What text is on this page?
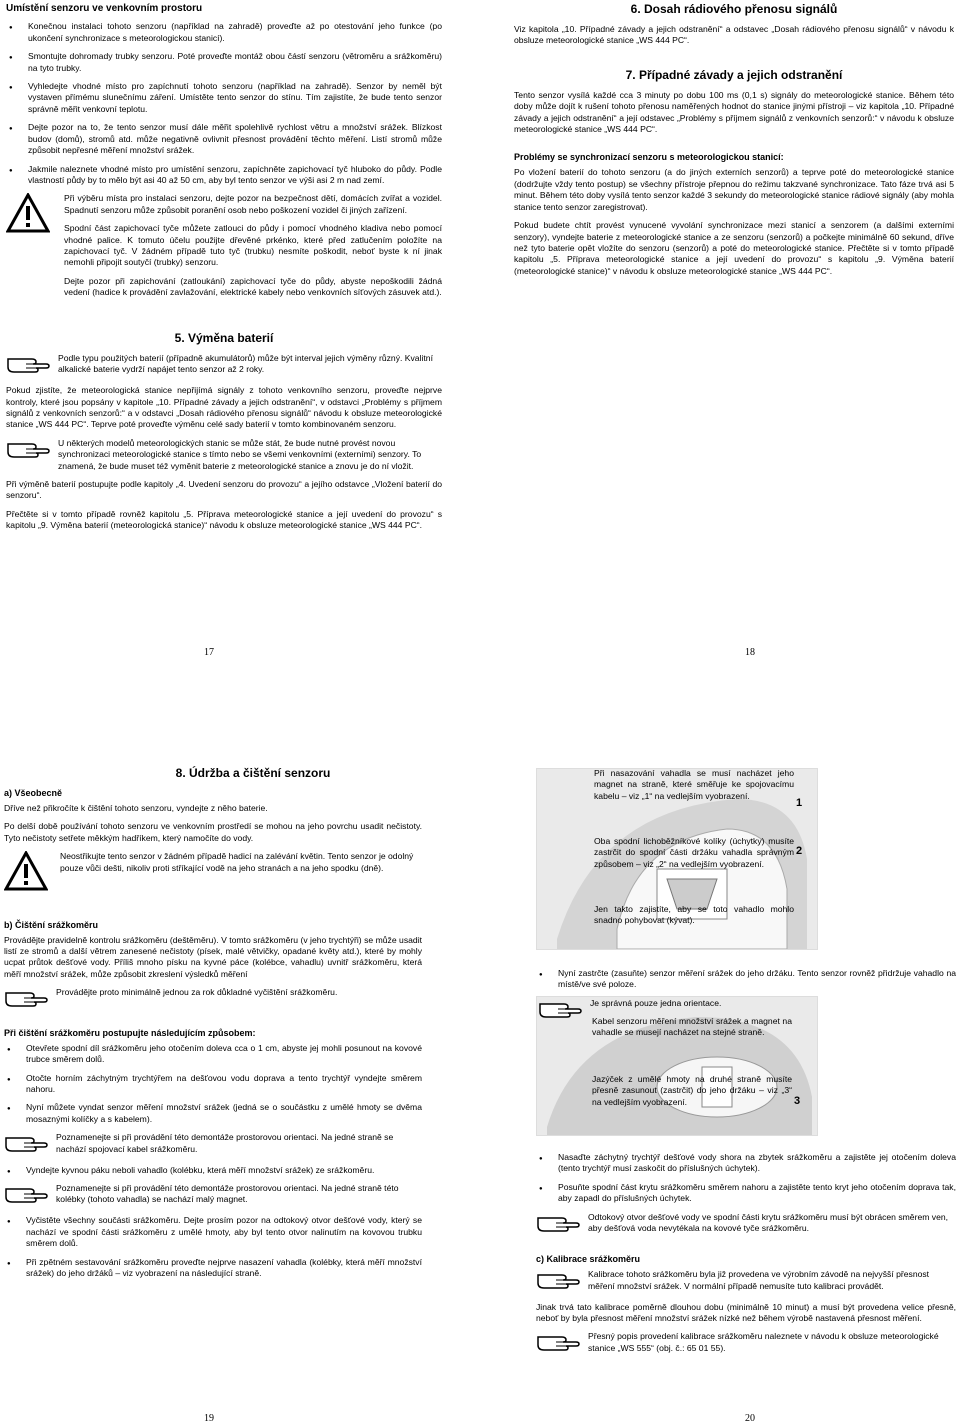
Umístění senzoru ve venkovním prostoru
● Konečnou instalaci tohoto senzoru (například na zahradě) proveďte až po otestování jeho funkce (po ukončení synchronizace s meteorologickou stanicí).
● Smontujte dohromady trubky senzoru. Poté proveďte montáž obou částí senzoru (větroměru a srážkoměru) na tyto trubky.
● Vyhledejte vhodné místo pro zapíchnutí tohoto senzoru (například na zahradě). Senzor by neměl být vystaven přímému slunečnímu záření. Umístěte tento senzor do stínu. Tím zajistíte, že bude tento senzor správně měřit venkovní teplotu.
● Dejte pozor na to, že tento senzor musí dále měřit spolehlivě rychlost větru a množství srážek. Blízkost budov (domů), stromů atd. může negativně ovlivnit přesnost provádění těchto měření. Listí stromů může způsobit nepřesné měření množství srážek.
● Jakmile naleznete vhodné místo pro umístění senzoru, zapíchněte zapichovací tyč hluboko do půdy. Podle vlastností půdy by to mělo být asi 40 až 50 cm, aby byl tento senzor ve výši asi 2 m nad zemí.

Při výběru místa pro instalaci senzoru, dejte pozor na bezpečnost dětí, domácích zvířat a vozidel. Spadnutí senzoru může způsobit poranění osob nebo poškození vozidel či jiných zařízení.

Spodní část zapichovací tyče můžete zatlouci do půdy i pomocí vhodného kladiva nebo pomocí vhodné palice. K tomuto účelu použijte dřevěné prkénko, které před zatlučením položíte na zapichovací tyč. V žádném případě tuto tyč (trubku) nesmíte poškodit, neboť byste k ní jinak nemohli připojit soutyčí (trubky) senzoru.

Dejte pozor při zapichování (zatloukání) zapichovací tyče do půdy, abyste nepoškodili žádná vedení (hadice k provádění zavlažování, elektrické kabely nebo venkovních síťových zásuvek atd.).

5. Výměna baterií
Podle typu použitých baterií (případně akumulátorů) může být interval jejich výměny různý. Kvalitní alkalické baterie vydrží napájet tento senzor až 2 roky.

Pokud zjistíte, že meteorologická stanice nepřijímá signály z tohoto venkovního senzoru, proveďte nejprve kontroly, které jsou popsány v kapitole „10. Případné závady a jejich odstranění“, v odstavci „Problémy s příjmem signálů z venkovních senzorů:“ a v odstavci „Dosah rádiového přenosu signálů“ návodu k obsluze meteorologické stanice „WS 444 PC“. Teprve poté proveďte výměnu celé sady baterií v tomto kombinovaném senzoru.

U některých modelů meteorologických stanic se může stát, že bude nutné provést novou synchronizaci meteorologické stanice s tímto nebo se všemi venkovními (externími) senzory. To znamená, že bude muset též vyměnit baterie z meteorologické stanice a znovu je do ní vložit.

Při výměně baterií postupujte podle kapitoly „4. Uvedení senzoru do provozu“ a jejího odstavce „Vložení baterií do senzoru“.

Přečtěte si v tomto případě rovněž kapitolu „5. Příprava meteorologické stanice a její uvedení do provozu“ s kapitolu „9. Výměna baterií (meteorologická stanice)“ návodu k obsluze meteorologické stanice „WS 444 PC“.

17
6. Dosah rádiového přenosu signálů

Viz kapitola „10. Případné závady a jejich odstranění“ a odstavec „Dosah rádiového přenosu signálů“ v návodu k obsluze meteorologické stanice „WS 444 PC“.

7. Případné závady a jejich odstranění

Tento senzor vysílá každé cca 3 minuty po dobu 100 ms (0,1 s) signály do meteorologické stanice. Během této doby může dojít k rušení tohoto přenosu naměřených hodnot do stanice jinými přístroji – viz kapitola „10. Případné závady a jejich odstranění“ a její odstavec „Problémy s příjmem signálů z venkovních senzorů:“ v návodu k obsluze meteorologické stanice „WS 444 PC“.

Problémy se synchronizací senzoru s meteorologickou stanicí:

Po vložení baterií do tohoto senzoru (a do jiných externích senzorů) a teprve poté do meteorologické stanice (dodržujte vždy tento postup) se všechny přístroje přepnou do režimu takzvané synchronizace. Tato fáze trvá asi 5 minut. Během této doby vysílá tento senzor každé 3 sekundy do meteorologické stanice rádiové signály (aby mohla stanice tento senzor zaregistrovat).

Pokud budete chtít provést vynucené vyvolání synchronizace mezi stanicí a senzorem (a dalšími externími senzory), vyndejte baterie z meteorologické stanice a ze senzoru (senzorů) a počkejte minimálně 60 sekund, dříve než tyto baterie opět vložíte do senzoru (senzorů) a poté do meteorologické stanice. Přečtěte si v tomto případě kapitolu „5. Příprava meteorologické stanice a její uvedení do provozu“ s kapitolu „9. Výměna baterií (meteorologické stanice)“ v návodu k obsluze meteorologické stanice „WS 444 PC“.

18
8. Údržba a čištění senzoru
a) Všeobecně

Dříve než přikročíte k čištění tohoto senzoru, vyndejte z něho baterie.

Po delší době používání tohoto senzoru ve venkovním prostředí se mohou na jeho povrchu usadit nečistoty. Tyto nečistoty setřete měkkým hadříkem, který namočíte do vody.

Neostřikujte tento senzor v žádném případě hadicí na zalévání květin. Tento senzor je odolný pouze vůči dešti, nikoliv proti stříkající vodě na jeho stranách a na jeho spodku (dně).
b) Čištění srážkoměru

Provádějte pravidelně kontrolu srážkoměru (deštěměru). V tomto srážkoměru (v jeho trychtýři) se může usadit listí ze stromů a další větrem zanesené nečistoty (písek, malé větvičky, opadané květy atd.), které by mohly ucpat průtok dešťové vody. Příliš mnoho písku na kyvné páce (kolébce, vahadlu) uvnitř srážkoměru, která měří množství srážek, může způsobit zkreslení výsledků měření

Provádějte proto minimálně jednou za rok důkladné vyčištění srážkoměru.
Při čištění srážkoměru postupujte následujícím způsobem:
● Otevřete spodní díl srážkoměru jeho otočením doleva cca o 1 cm, abyste jej mohli posunout na kovové trubce směrem dolů.
● Otočte horním záchytným trychtýřem na dešťovou vodu doprava a tento trychtýř vyndejte směrem nahoru.
● Nyní můžete vyndat senzor měření množství srážek (jedná se o součástku z umělé hmoty se dvěma mosaznými kolíčky a s kabelem).
Poznamenejte si při provádění této demontáže prostorovou orientaci. Na jedné straně se nachází spojovací kabel srážkoměru.
● Vyndejte kyvnou páku neboli vahadlo (kolébku, která měří množství srážek) ze srážkoměru.
Poznamenejte si při provádění této demontáže prostorovou orientaci. Na jedné straně této kolébky (tohoto vahadla) se nachází malý magnet.
● Vyčistěte všechny součásti srážkoměru. Dejte prosím pozor na odtokový otvor dešťové vody, který se nachází ve spodní části srážkoměru z umělé hmoty, aby byl tento otvor nalinutím na kovovou trubku směrem dolů.
● Při zpětném sestavování srážkoměru proveďte nejprve nasazení vahadla (kolébky, která měří množství srážek) do jeho držáků – viz vyobrazení na následující straně.
19
1
2
Při nasazování vahadla se musí nacházet jeho magnet na straně, které směřuje ke spojovacímu kabelu – viz „1“ na vedlejším vyobrazení.
Oba spodní lichoběžníkové kolíky (úchytky) musíte zastrčit do spodní části držáku vahadla správným způsobem – viz „2“ na vedlejším vyobrazení.
Jen takto zajistíte, aby se toto vahadlo mohlo snadno pohybovat (kývat).
● Nyní zastrčte (zasuňte) senzor měření srážek do jeho držáku. Tento senzor rovněž přidržuje vahadlo na místě/ve své poloze.
Je správná pouze jedna orientace.
Kabel senzoru měření množství srážek a magnet na vahadle se musejí nacházet na stejné straně.
Jazýček z umělé hmoty na druhé straně musíte přesně zasunout (zastrčit) do jeho držáku – viz „3“ na vedlejším vyobrazení.	3
● Nasaďte záchytný trychtýř dešťové vody shora na zbytek srážkoměru a zajistěte jej otočením doleva (tento trychtýř musí zaskočit do příslušných úchytek).
● Posuňte spodní část krytu srážkoměru směrem nahoru a zajistěte tento kryt jeho otočením doprava tak, aby zapadl do příslušných úchytek.
Odtokový otvor dešťové vody ve spodní části krytu srážkoměru musí být obrácen směrem ven, aby dešťová voda nevytékala na kovové tyče srážkoměru.
c) Kalibrace srážkoměru
Kalibrace tohoto srážkoměru byla již provedena ve výrobním závodě na nejvyšší přesnost měření množství srážek. V normální případě nemusíte tuto kalibraci provádět.

Jinak trvá tato kalibrace poměrně dlouhou dobu (minimálně 10 minut) a musí být provedena velice přesně, neboť by byla přesnost měření množství srážek nízké než během výrobě nastavená přesnost měření.

Přesný popis provedení kalibrace srážkoměru naleznete v návodu k obsluze meteorologické stanice „WS 555“ (obj. č.: 65 01 55).
20
